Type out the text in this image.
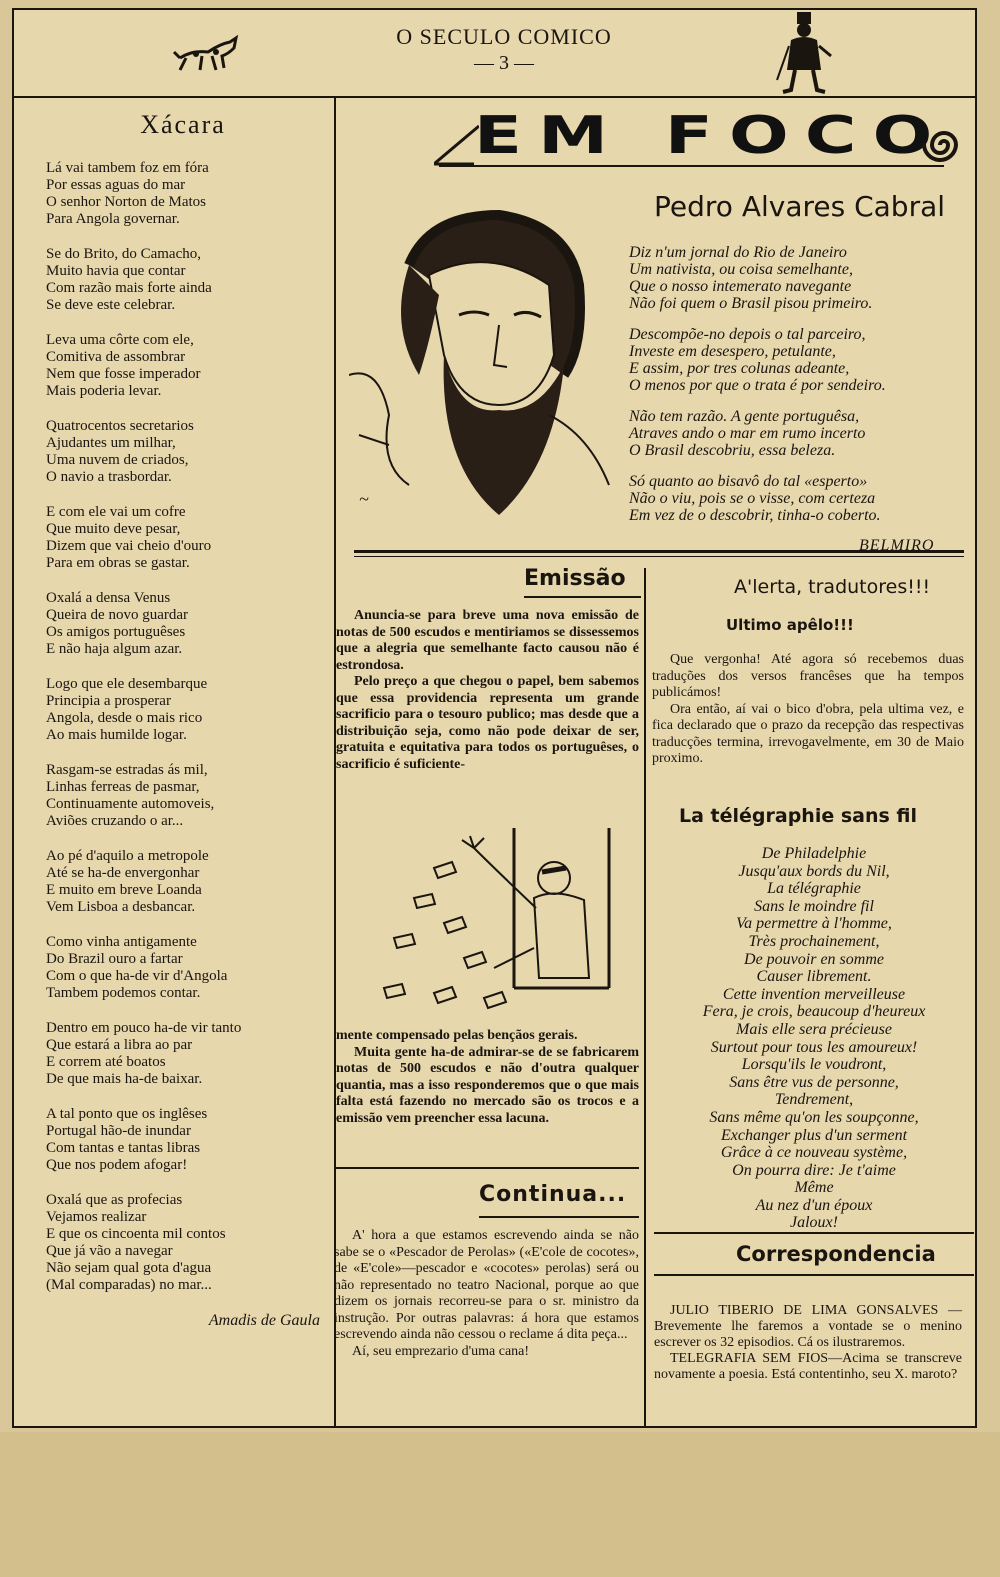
O SECULO COMICO
— 3 —
Xácara
Lá vai tambem foz em fóra
Por essas aguas do mar
O senhor Norton de Matos
Para Angola governar.
Se do Brito, do Camacho,
Muito havia que contar
Com razão mais forte ainda
Se deve este celebrar.
Leva uma côrte com ele,
Comitiva de assombrar
Nem que fosse imperador
Mais poderia levar.
Quatrocentos secretarios
Ajudantes um milhar,
Uma nuvem de criados,
O navio a trasbordar.
E com ele vai um cofre
Que muito deve pesar,
Dizem que vai cheio d'ouro
Para em obras se gastar.
Oxalá a densa Venus
Queira de novo guardar
Os amigos portuguêses
E não haja algum azar.
Logo que ele desembarque
Principia a prosperar
Angola, desde o mais rico
Ao mais humilde logar.
Rasgam-se estradas ás mil,
Linhas ferreas de pasmar,
Continuamente automoveis,
Aviões cruzando o ar...
Ao pé d'aquilo a metropole
Até se ha-de envergonhar
E muito em breve Loanda
Vem Lisboa a desbancar.
Como vinha antigamente
Do Brazil ouro a fartar
Com o que ha-de vir d'Angola
Tambem podemos contar.
Dentro em pouco ha-de vir tanto
Que estará a libra ao par
E correm até boatos
De que mais ha-de baixar.
A tal ponto que os inglêses
Portugal hão-de inundar
Com tantas e tantas libras
Que nos podem afogar!
Oxalá que as profecias
Vejamos realizar
E que os cincoenta mil contos
Que já vão a navegar
Não sejam qual gota d'agua
(Mal comparadas) no mar...
Amadis de Gaula
EM FOCO
Pedro Alvares Cabral
~
Diz n'um jornal do Rio de Janeiro
Um nativista, ou coisa semelhante,
Que o nosso intemerato navegante
Não foi quem o Brasil pisou primeiro.
Descompõe-no depois o tal parceiro,
Investe em desespero, petulante,
E assim, por tres colunas adeante,
O menos por que o trata é por sendeiro.
Não tem razão. A gente portuguêsa,
Atraves ando o mar em rumo incerto
O Brasil descobriu, essa beleza.
Só quanto ao bisavô do tal «esperto»
Não o viu, pois se o visse, com certeza
Em vez de o descobrir, tinha-o coberto.
BELMIRO
Emissão

Anuncia-se para breve uma nova emissão de notas de 500 escudos e mentiriamos se dissessemos que a alegria que semelhante facto causou não é estrondosa.

Pelo preço a que chegou o papel, bem sabemos que essa providencia representa um grande sacrificio para o tesouro publico; mas desde que a distribuição seja, como não pode deixar de ser, gratuita e equitativa para todos os portuguêses, o sacrificio é suficiente-

mente compensado pelas bençãos gerais.

Muita gente ha-de admirar-se de se fabricarem notas de 500 escudos e não d'outra qualquer quantia, mas a isso responderemos que o que mais falta está fazendo no mercado são os trocos e a emissão vem preencher essa lacuna.

Continua...

A' hora a que estamos escrevendo ainda se não sabe se o «Pescador de Perolas» («E'cole de cocotes», de «E'cole»—pescador e «cocotes» perolas) será ou não representado no teatro Nacional, porque ao que dizem os jornais recorreu-se para o sr. ministro da instrução. Por outras palavras: á hora que estamos escrevendo ainda não cessou o reclame á dita peça...

Aí, seu emprezario d'uma cana!

A'lerta, tradutores!!!
Ultimo apêlo!!!

Que vergonha! Até agora só recebemos duas traduções dos versos francêses que ha tempos publicámos!

Ora então, aí vai o bico d'obra, pela ultima vez, e fica declarado que o prazo da recepção das respectivas traducções termina, irrevogavelmente, em 30 de Maio proximo.

La télégraphie sans fil
De Philadelphie
Jusqu'aux bords du Nil,
La télégraphie
Sans le moindre fil
Va permettre à l'homme,
Très prochainement,
De pouvoir en somme
Causer librement.
Cette invention merveilleuse
Fera, je crois, beaucoup d'heureux
Mais elle sera précieuse
Surtout pour tous les amoureux!
Lorsqu'ils le voudront,
Sans être vus de personne,
Tendrement,
Sans même qu'on les soupçonne,
Exchanger plus d'un serment
Grâce à ce nouveau système,
On pourra dire: Je t'aime
Même
Au nez d'un époux
Jaloux!
Correspondencia

JULIO TIBERIO DE LIMA GONSALVES — Brevemente lhe faremos a vontade se o menino escrever os 32 episodios. Cá os ilustraremos.

TELEGRAFIA SEM FIOS—Acima se transcreve novamente a poesia. Está contentinho, seu X. maroto?
